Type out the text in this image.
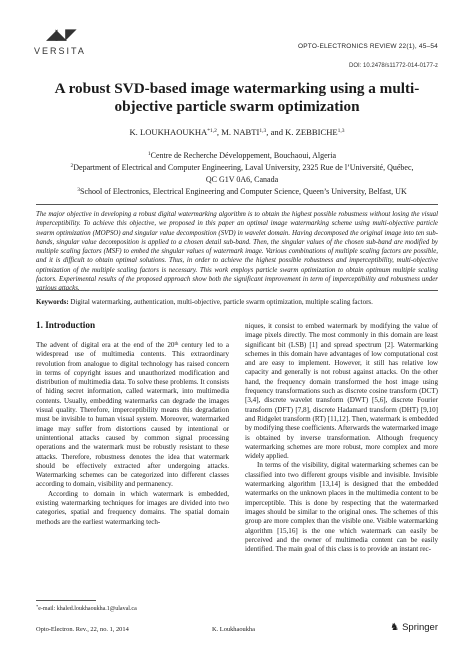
◢◣◤
VERSITA	OPTO-ELECTRONICS REVIEW 22(1), 45–54
DOI: 10.2478/s11772-014-0177-z
A robust SVD-based image watermarking using a multi-objective particle swarm optimization
K. LOUKHAOUKHA$^{*1,2}$, M. NABTI$^{1,3}$, and K. ZEBBICHE$^{1,3}$
$^1$Centre de Recherche Développement, Bouchaoui, Algeria
$^2$Department of Electrical and Computer Engineering, Laval University, 2325 Rue de l’Université, Québec,
QC G1V 0A6, Canada
$^3$School of Electronics, Electrical Engineering and Computer Science, Queen’s University, Belfast, UK

The major objective in developing a robust digital watermarking algorithm is to obtain the highest possible robustness without losing the visual imperceptibility. To achieve this objective, we proposed in this paper an optimal image watermarking scheme using multi-objective particle swarm optimization (MOPSO) and singular value decomposition (SVD) in wavelet domain. Having decomposed the original image into ten sub-bands, singular value decomposition is applied to a chosen detail sub-band. Then, the singular values of the chosen sub-band are modified by multiple scaling factors (MSF) to embed the singular values of watermark image. Various combinations of multiple scaling factors are possible, and it is difficult to obtain optimal solutions. Thus, in order to achieve the highest possible robustness and imperceptibility, multi-objective optimization of the multiple scaling factors is necessary. This work employs particle swarm optimization to obtain optimum multiple scaling factors. Experimental results of the proposed approach show both the significant improvement in term of imperceptibility and robustness under various attacks.

Keywords: Digital watermarking, authentication, multi-objective, particle swarm optimization, multiple scaling factors.

1. Introduction

The advent of digital era at the end of the 20th century led to a widespread use of multimedia contents. This extraordinary revolution from analogue to digital technology has raised concern in terms of copyright issues and unauthorized modification and distribution of multimedia data. To solve these problems. It consists of hiding secret information, called watermark, into multimedia contents. Usually, embedding watermarks can degrade the images visual quality. Therefore, imperceptibility means this degradation must be invisible to human visual system. Moreover, watermarked image may suffer from distortions caused by intentional or unintentional attacks caused by common signal processing operations and the watermark must be robustly resistant to these attacks. Therefore, robustness denotes the idea that watermark should be effectively extracted after undergoing attacks. Watermarking schemes can be categorized into different classes according to domain, visibility and permanency.

According to domain in which watermark is embedded, existing watermarking techniques for images are divided into two categories, spatial and frequency domains. The spatial domain methods are the earliest watermarking tech-

niques, it consist to embed watermark by modifying the value of image pixels directly. The most commonly in this domain are least significant bit (LSB) [1] and spread spectrum [2]. Watermarking schemes in this domain have advantages of low computational cost and are easy to implement. However, it still has relative low capacity and generally is not robust against attacks. On the other hand, the frequency domain transformed the host image using frequency transformations such as discrete cosine transform (DCT) [3,4], discrete wavelet transform (DWT) [5,6], discrete Fourier transform (DFT) [7,8], discrete Hadamard transform (DHT) [9,10] and Ridgelet transform (RT) [11,12]. Then, watermark is embedded by modifying these coefficients. Afterwards the watermarked image is obtained by inverse transformation. Although frequency watermarking schemes are more robust, more complex and more widely applied.

In terms of the visibility, digital watermarking schemes can be classified into two different groups visible and invisible. Invisible watermarking algorithm [13,14] is designed that the embedded watermarks on the unknown places in the multimedia content to be imperceptible. This is done by respecting that the watermarked images should be similar to the original ones. The schemes of this group are more complex than the visible one. Visible watermarking algorithm [15,16] is the one which watermark can easily be perceived and the owner of multimedia content can be easily identified. The main goal of this class is to provide an instant rec-

*e-mail: khaled.loukhaoukha.1@ulaval.ca
Opto-Electron. Rev., 22, no. 1, 2014	K. Loukhaoukha	♞ Springer
